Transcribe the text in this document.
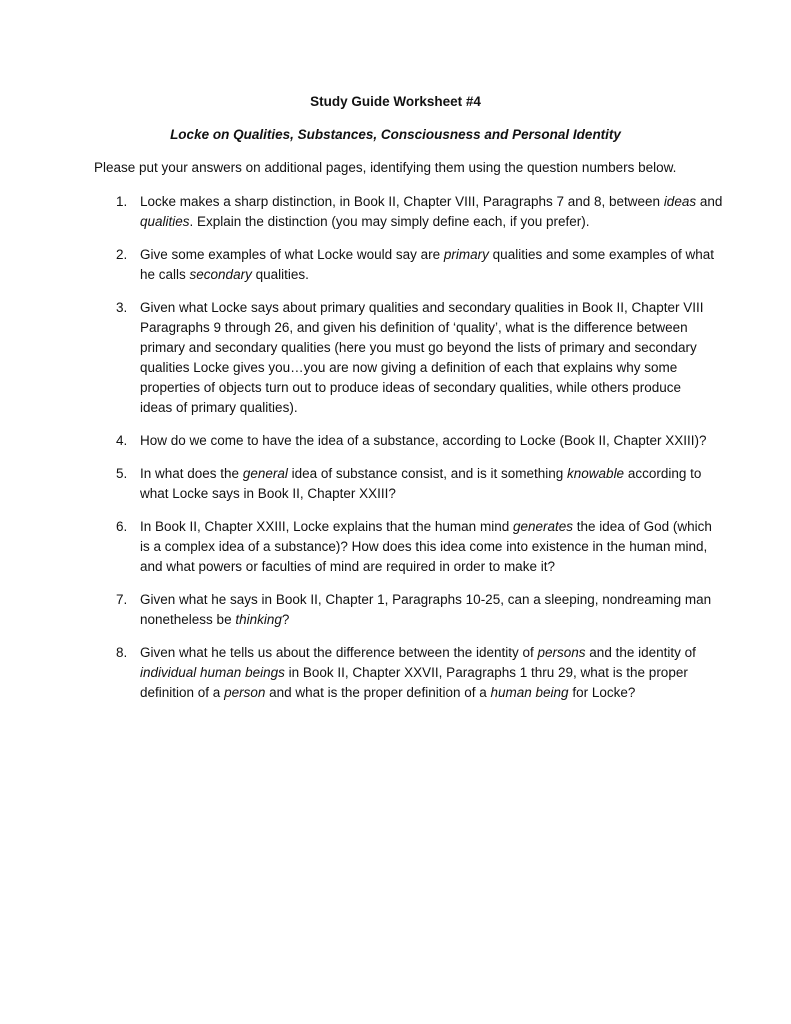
Study Guide Worksheet #4
Locke on Qualities, Substances, Consciousness and Personal Identity
Please put your answers on additional pages, identifying them using the question numbers below.
1. Locke makes a sharp distinction, in Book II, Chapter VIII, Paragraphs 7 and 8, between ideas and
qualities. Explain the distinction (you may simply define each, if you prefer).
2. Give some examples of what Locke would say are primary qualities and some examples of what
he calls secondary qualities.
3. Given what Locke says about primary qualities and secondary qualities in Book II, Chapter VIII
Paragraphs 9 through 26, and given his definition of ‘quality’, what is the difference between
primary and secondary qualities (here you must go beyond the lists of primary and secondary
qualities Locke gives you…you are now giving a definition of each that explains why some
properties of objects turn out to produce ideas of secondary qualities, while others produce
ideas of primary qualities).
4. How do we come to have the idea of a substance, according to Locke (Book II, Chapter XXIII)?
5. In what does the general idea of substance consist, and is it something knowable according to
what Locke says in Book II, Chapter XXIII?
6. In Book II, Chapter XXIII, Locke explains that the human mind generates the idea of God (which
is a complex idea of a substance)? How does this idea come into existence in the human mind,
and what powers or faculties of mind are required in order to make it?
7. Given what he says in Book II, Chapter 1, Paragraphs 10-25, can a sleeping, nondreaming man
nonetheless be thinking?
8. Given what he tells us about the difference between the identity of persons and the identity of
individual human beings in Book II, Chapter XXVII, Paragraphs 1 thru 29, what is the proper
definition of a person and what is the proper definition of a human being for Locke?
